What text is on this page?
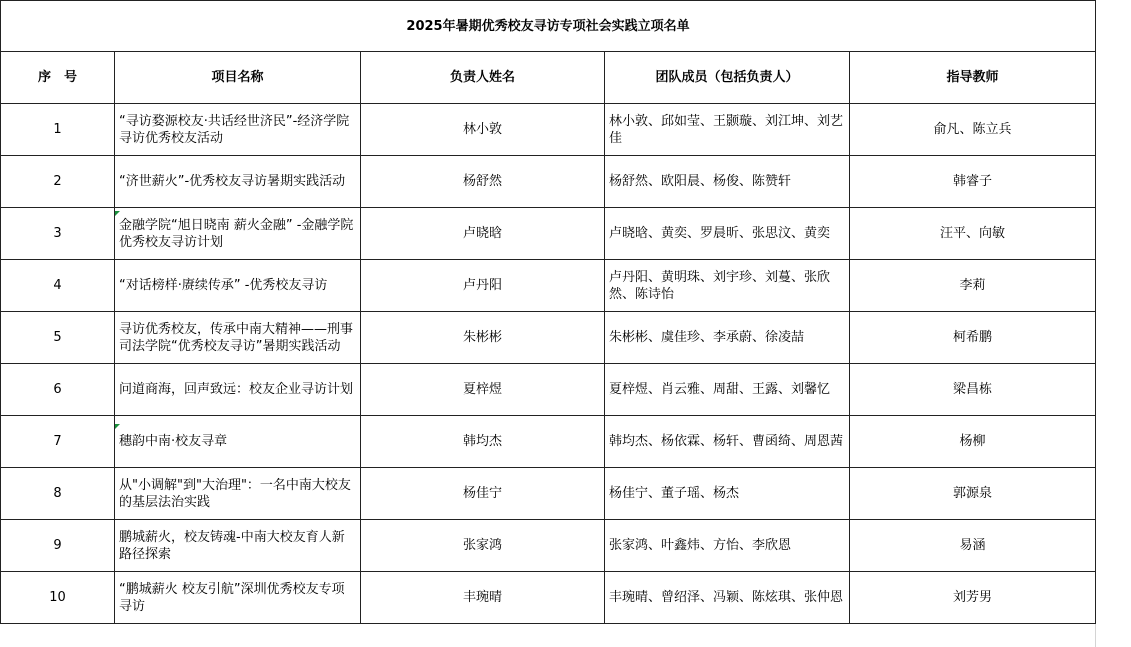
2025年暑期优秀校友寻访专项社会实践立项名单				
序　号	项目名称	负责人姓名	团队成员（包括负责人）	指导教师
1	“寻访婺源校友·共话经世济民”-经济学院寻访优秀校友活动	林小敦	林小敦、邱如莹、王颢璇、刘江坤、刘艺佳	俞凡、陈立兵
2	“济世薪火”-优秀校友寻访暑期实践活动	杨舒然	杨舒然、欧阳晨、杨俊、陈赞轩	韩睿子
3	金融学院“旭日晓南 薪火金融” -金融学院优秀校友寻访计划	卢晓晗	卢晓晗、黄奕、罗晨昕、张思汶、黄奕	汪平、向敏
4	“对话榜样·赓续传承” -优秀校友寻访	卢丹阳	卢丹阳、黄明珠、刘宇珍、刘蔓、张欣然、陈诗怡	李莉
5	寻访优秀校友，传承中南大精神——刑事司法学院“优秀校友寻访”暑期实践活动	朱彬彬	朱彬彬、虞佳珍、李承蔚、徐凌喆	柯希鹏
6	问道商海，回声致远：校友企业寻访计划	夏梓煜	夏梓煜、肖云雅、周甜、王露、刘馨忆	梁昌栋
7	穗韵中南·校友寻章	韩均杰	韩均杰、杨依霖、杨轩、曹函绮、周恩茜	杨柳
8	从"小调解"到"大治理"：一名中南大校友的基层法治实践	杨佳宁	杨佳宁、董子瑶、杨杰	郭源泉
9	鹏城薪火，校友铸魂-中南大校友育人新路径探索	张家鸿	张家鸿、叶鑫炜、方怡、李欣恩	易涵
10	“鹏城薪火 校友引航”深圳优秀校友专项寻访	丰琬晴	丰琬晴、曾绍泽、冯颖、陈炫琪、张仲恩	刘芳男
